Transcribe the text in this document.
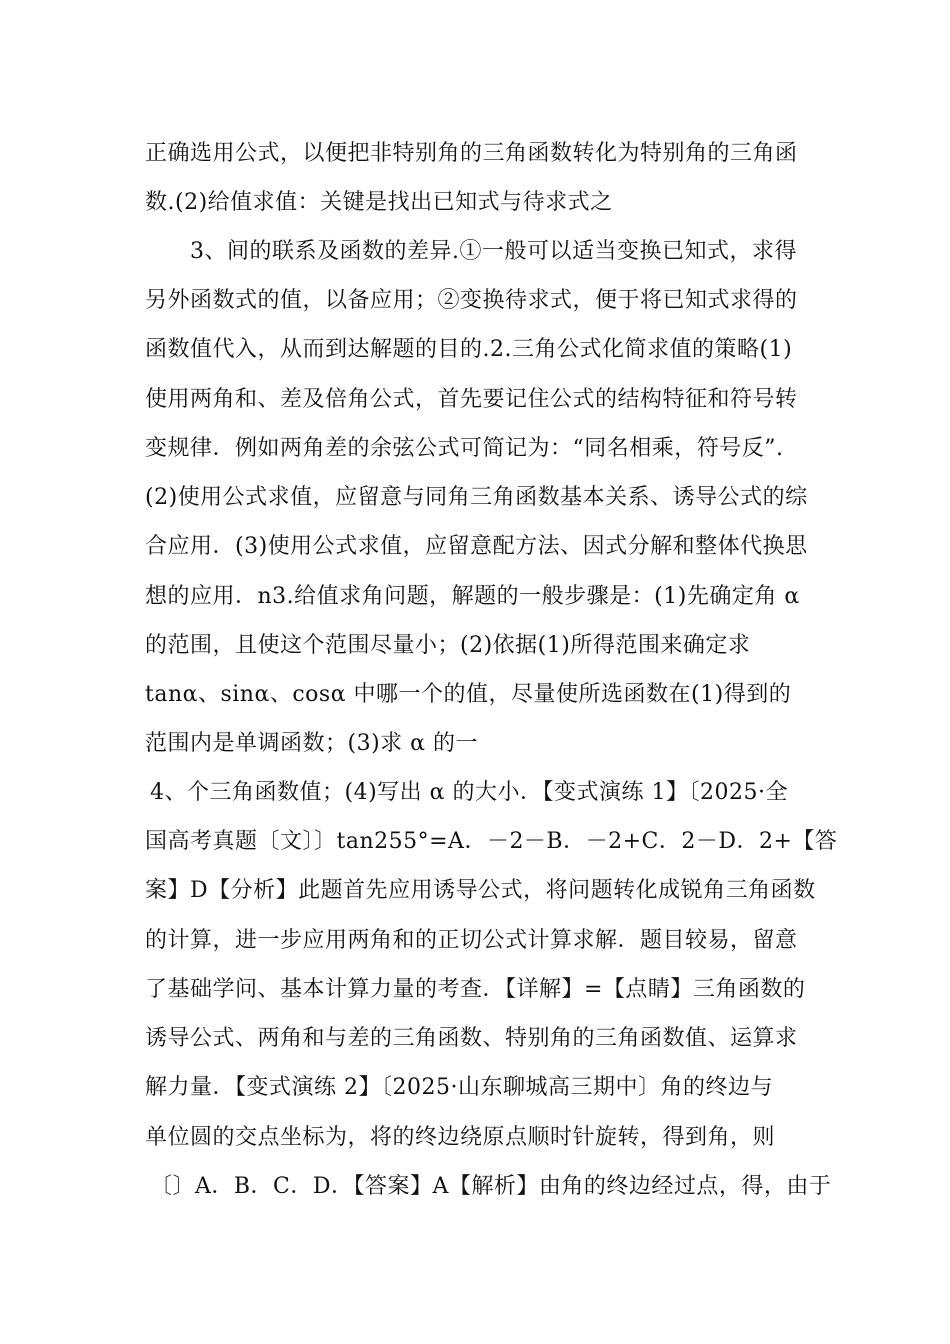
正确选用公式，以便把非特别角的三角函数转化为特别角的三角函
数.(2)给值求值：关键是找出已知式与待求式之
3、间的联系及函数的差异.①一般可以适当变换已知式，求得
另外函数式的值，以备应用；②变换待求式，便于将已知式求得的
函数值代入，从而到达解题的目的.2.三角公式化简求值的策略(1)
使用两角和、差及倍角公式，首先要记住公式的结构特征和符号转
变规律．例如两角差的余弦公式可简记为：“同名相乘，符号反”.
(2)使用公式求值，应留意与同角三角函数基本关系、诱导公式的综
合应用．(3)使用公式求值，应留意配方法、因式分解和整体代换思
想的应用．n3.给值求角问题，解题的一般步骤是：(1)先确定角 α
的范围，且使这个范围尽量小；(2)依据(1)所得范围来确定求
tanα、sinα、cosα 中哪一个的值，尽量使所选函数在(1)得到的
范围内是单调函数；(3)求 α 的一
4、个三角函数值；(4)写出 α 的大小．【变式演练 1】〔2025·全
国高考真题〔文〕〕tan255°=A．－2－B．－2+C．2－D．2+【答
案】D【分析】此题首先应用诱导公式，将问题转化成锐角三角函数
的计算，进一步应用两角和的正切公式计算求解．题目较易，留意
了基础学问、基本计算力量的考查．【详解】=【点睛】三角函数的
诱导公式、两角和与差的三角函数、特别角的三角函数值、运算求
解力量．【变式演练 2】〔2025·山东聊城高三期中〕角的终边与
单位圆的交点坐标为，将的终边绕原点顺时针旋转，得到角，则
〔〕A．B．C．D．【答案】A【解析】由角的终边经过点，得，由于
